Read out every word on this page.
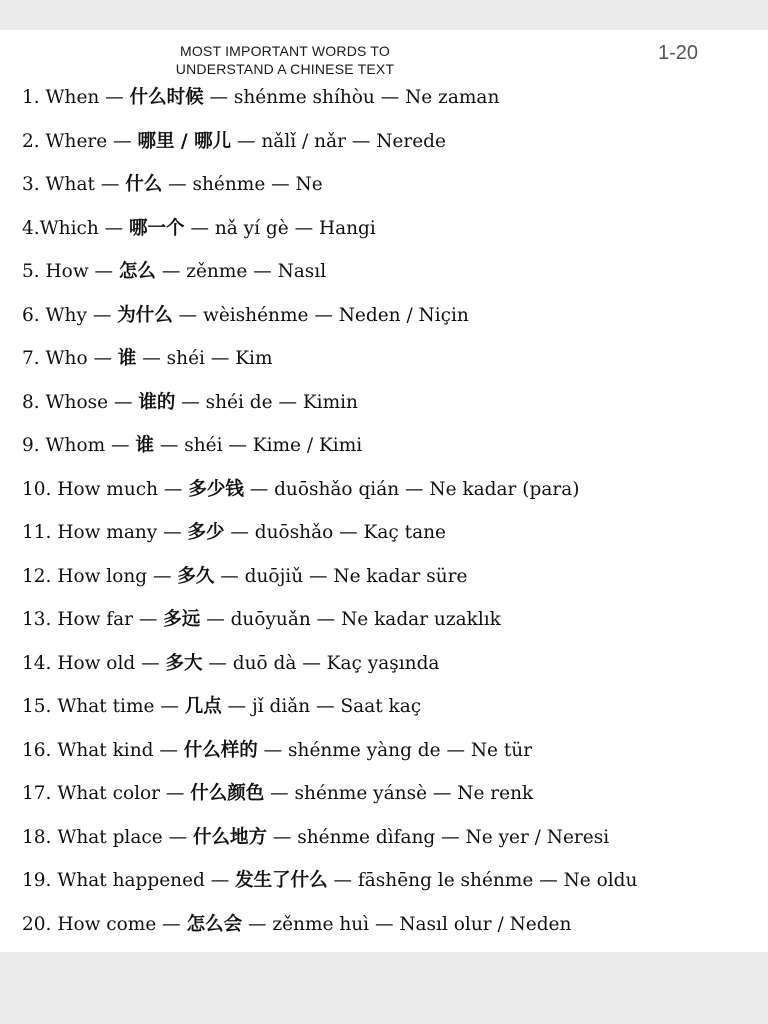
MOST IMPORTANT WORDS TO
UNDERSTAND A CHINESE TEXT
1-20
1. When — 什么时候 — shénme shíhòu — Ne zaman
2. Where — 哪里 / 哪儿 — nǎlǐ / nǎr — Nerede
3. What — 什么 — shénme — Ne
4.Which — 哪一个 — nǎ yí gè — Hangi
5. How — 怎么 — zěnme — Nasıl
6. Why — 为什么 — wèishénme — Neden / Niçin
7. Who — 谁 — shéi — Kim
8. Whose — 谁的 — shéi de — Kimin
9. Whom — 谁 — shéi — Kime / Kimi
10. How much — 多少钱 — duōshǎo qián — Ne kadar (para)
11. How many — 多少 — duōshǎo — Kaç tane
12. How long — 多久 — duōjiǔ — Ne kadar süre
13. How far — 多远 — duōyuǎn — Ne kadar uzaklık
14. How old — 多大 — duō dà — Kaç yaşında
15. What time — 几点 — jǐ diǎn — Saat kaç
16. What kind — 什么样的 — shénme yàng de — Ne tür
17. What color — 什么颜色 — shénme yánsè — Ne renk
18. What place — 什么地方 — shénme dìfang — Ne yer / Neresi
19. What happened — 发生了什么 — fāshēng le shénme — Ne oldu
20. How come — 怎么会 — zěnme huì — Nasıl olur / Neden
